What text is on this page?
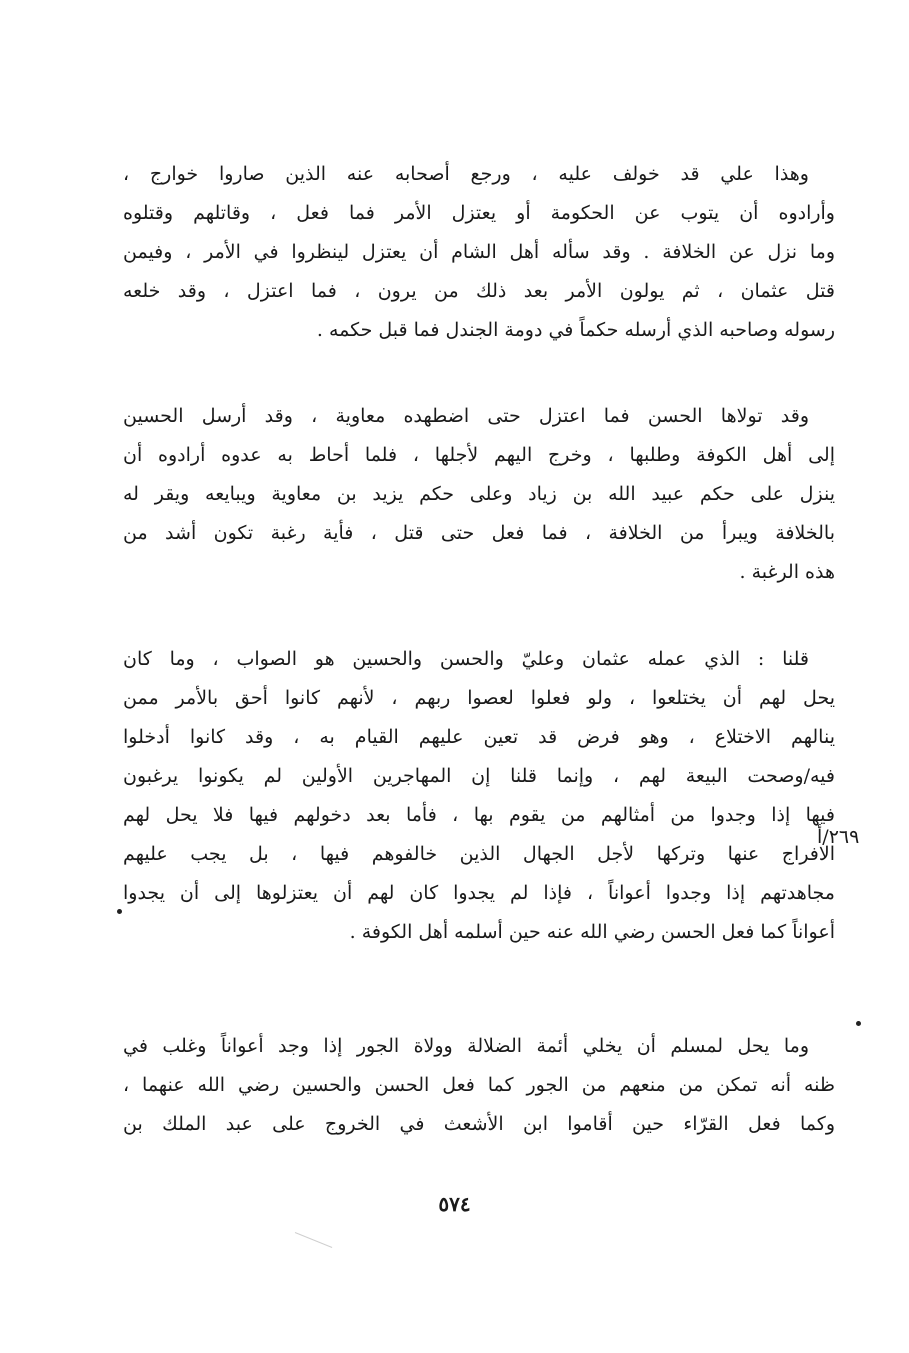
وهذا علي قد خولف عليه ، ورجع أصحابه عنه الذين صاروا خوارج ،
وأرادوه أن يتوب عن الحكومة أو يعتزل الأمر فما فعل ، وقاتلهم وقتلوه
وما نزل عن الخلافة . وقد سأله أهل الشام أن يعتزل لينظروا في الأمر ، وفيمن
قتل عثمان ، ثم يولون الأمر بعد ذلك من يرون ، فما اعتزل ، وقد خلعه
رسوله وصاحبه الذي أرسله حكماً في دومة الجندل فما قبل حكمه .
وقد تولاها الحسن فما اعتزل حتى اضطهده معاوية ، وقد أرسل الحسين
إلى أهل الكوفة وطلبها ، وخرج اليهم لأجلها ، فلما أحاط به عدوه أرادوه أن
ينزل على حكم عبيد الله بن زياد وعلى حكم يزيد بن معاوية ويبايعه ويقر له
بالخلافة ويبرأ من الخلافة ، فما فعل حتى قتل ، فأية رغبة تكون أشد من
هذه الرغبة .
قلنا : الذي عمله عثمان وعليّ والحسن والحسين هو الصواب ، وما كان
يحل لهم أن يختلعوا ، ولو فعلوا لعصوا ربهم ، لأنهم كانوا أحق بالأمر ممن
ينالهم الاختلاع ، وهو فرض قد تعين عليهم القيام به ، وقد كانوا أدخلوا
فيه/وصحت البيعة لهم ، وإنما قلنا إن المهاجرين الأولين لم يكونوا يرغبون
فيها إذا وجدوا من أمثالهم من يقوم بها ، فأما بعد دخولهم فيها فلا يحل لهم
الافراج عنها وتركها لأجل الجهال الذين خالفوهم فيها ، بل يجب عليهم
مجاهدتهم إذا وجدوا أعواناً ، فإذا لم يجدوا كان لهم أن يعتزلوها إلى أن يجدوا
أعواناً كما فعل الحسن رضي الله عنه حين أسلمه أهل الكوفة .
٢٦٩/أ
وما يحل لمسلم أن يخلي أئمة الضلالة وولاة الجور إذا وجد أعواناً وغلب في
ظنه أنه تمكن من منعهم من الجور كما فعل الحسن والحسين رضي الله عنهما ،
وكما فعل القرّاء حين أقاموا ابن الأشعث في الخروج على عبد الملك بن
٥٧٤
